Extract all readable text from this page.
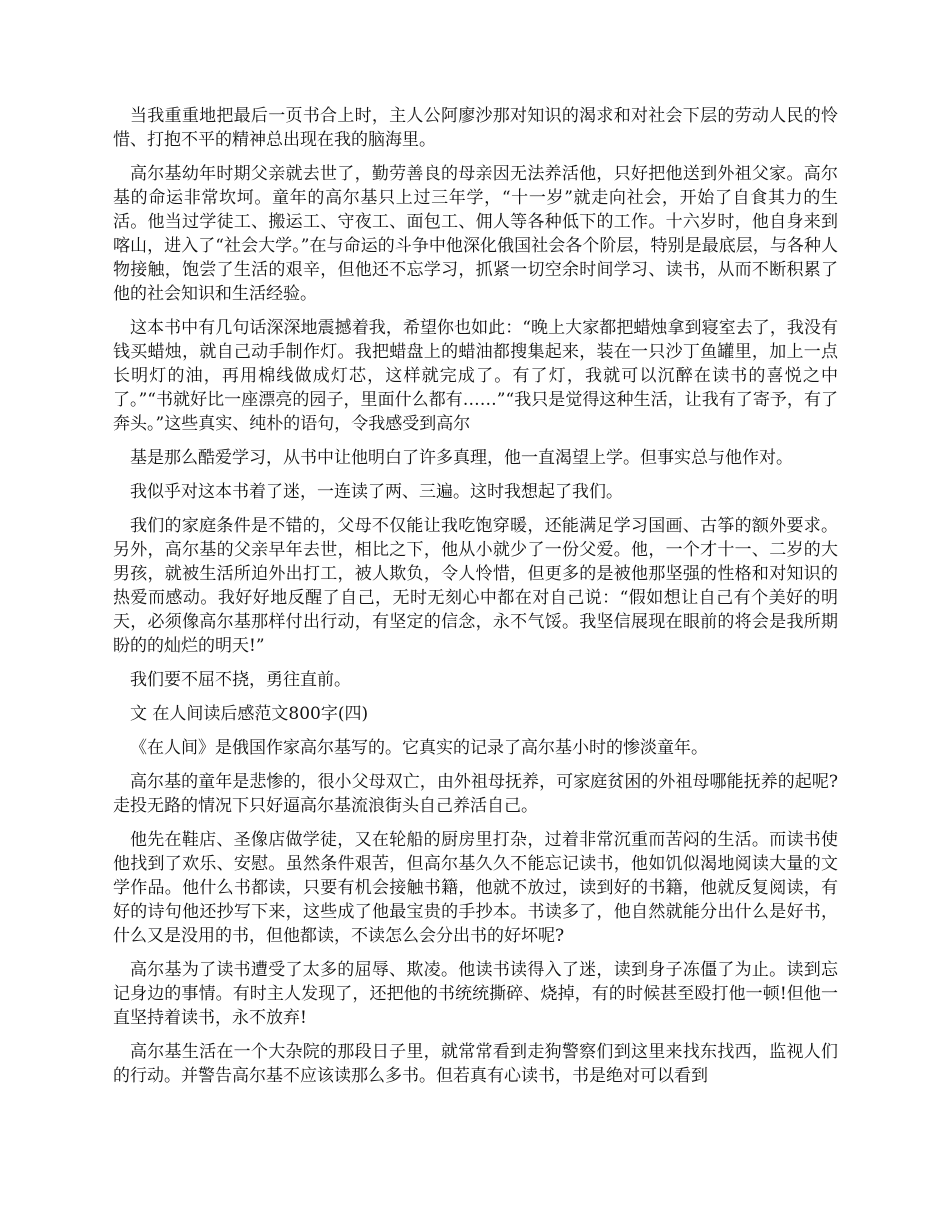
当我重重地把最后一页书合上时，主人公阿廖沙那对知识的渴求和对社会下层的劳动人民的怜惜、打抱不平的精神总出现在我的脑海里。

高尔基幼年时期父亲就去世了，勤劳善良的母亲因无法养活他，只好把他送到外祖父家。高尔基的命运非常坎坷。童年的高尔基只上过三年学，“十一岁”就走向社会，开始了自食其力的生活。他当过学徒工、搬运工、守夜工、面包工、佣人等各种低下的工作。十六岁时，他自身来到喀山，进入了“社会大学。”在与命运的斗争中他深化俄国社会各个阶层，特别是最底层，与各种人物接触，饱尝了生活的艰辛，但他还不忘学习，抓紧一切空余时间学习、读书，从而不断积累了他的社会知识和生活经验。

这本书中有几句话深深地震撼着我，希望你也如此：“晚上大家都把蜡烛拿到寝室去了，我没有钱买蜡烛，就自己动手制作灯。我把蜡盘上的蜡油都搜集起来，装在一只沙丁鱼罐里，加上一点长明灯的油，再用棉线做成灯芯，这样就完成了。有了灯，我就可以沉醉在读书的喜悦之中了。”“书就好比一座漂亮的园子，里面什么都有……”“我只是觉得这种生活，让我有了寄予，有了奔头。”这些真实、纯朴的语句，令我感受到高尔

基是那么酷爱学习，从书中让他明白了许多真理，他一直渴望上学。但事实总与他作对。

我似乎对这本书着了迷，一连读了两、三遍。这时我想起了我们。

我们的家庭条件是不错的，父母不仅能让我吃饱穿暖，还能满足学习国画、古筝的额外要求。另外，高尔基的父亲早年去世，相比之下，他从小就少了一份父爱。他，一个才十一、二岁的大男孩，就被生活所迫外出打工，被人欺负，令人怜惜，但更多的是被他那坚强的性格和对知识的热爱而感动。我好好地反醒了自己，无时无刻心中都在对自己说：“假如想让自己有个美好的明天，必须像高尔基那样付出行动，有坚定的信念，永不气馁。我坚信展现在眼前的将会是我所期盼的的灿烂的明天!”

我们要不屈不挠，勇往直前。

文 在人间读后感范文800字(四)

《在人间》是俄国作家高尔基写的。它真实的记录了高尔基小时的惨淡童年。

高尔基的童年是悲惨的，很小父母双亡，由外祖母抚养，可家庭贫困的外祖母哪能抚养的起呢?走投无路的情况下只好逼高尔基流浪街头自己养活自己。

他先在鞋店、圣像店做学徒，又在轮船的厨房里打杂，过着非常沉重而苦闷的生活。而读书使他找到了欢乐、安慰。虽然条件艰苦，但高尔基久久不能忘记读书，他如饥似渴地阅读大量的文学作品。他什么书都读，只要有机会接触书籍，他就不放过，读到好的书籍，他就反复阅读，有好的诗句他还抄写下来，这些成了他最宝贵的手抄本。书读多了，他自然就能分出什么是好书，什么又是没用的书，但他都读，不读怎么会分出书的好坏呢?

高尔基为了读书遭受了太多的屈辱、欺凌。他读书读得入了迷，读到身子冻僵了为止。读到忘记身边的事情。有时主人发现了，还把他的书统统撕碎、烧掉，有的时候甚至殴打他一顿!但他一直坚持着读书，永不放弃!

高尔基生活在一个大杂院的那段日子里，就常常看到走狗警察们到这里来找东找西，监视人们的行动。并警告高尔基不应该读那么多书。但若真有心读书，书是绝对可以看到
